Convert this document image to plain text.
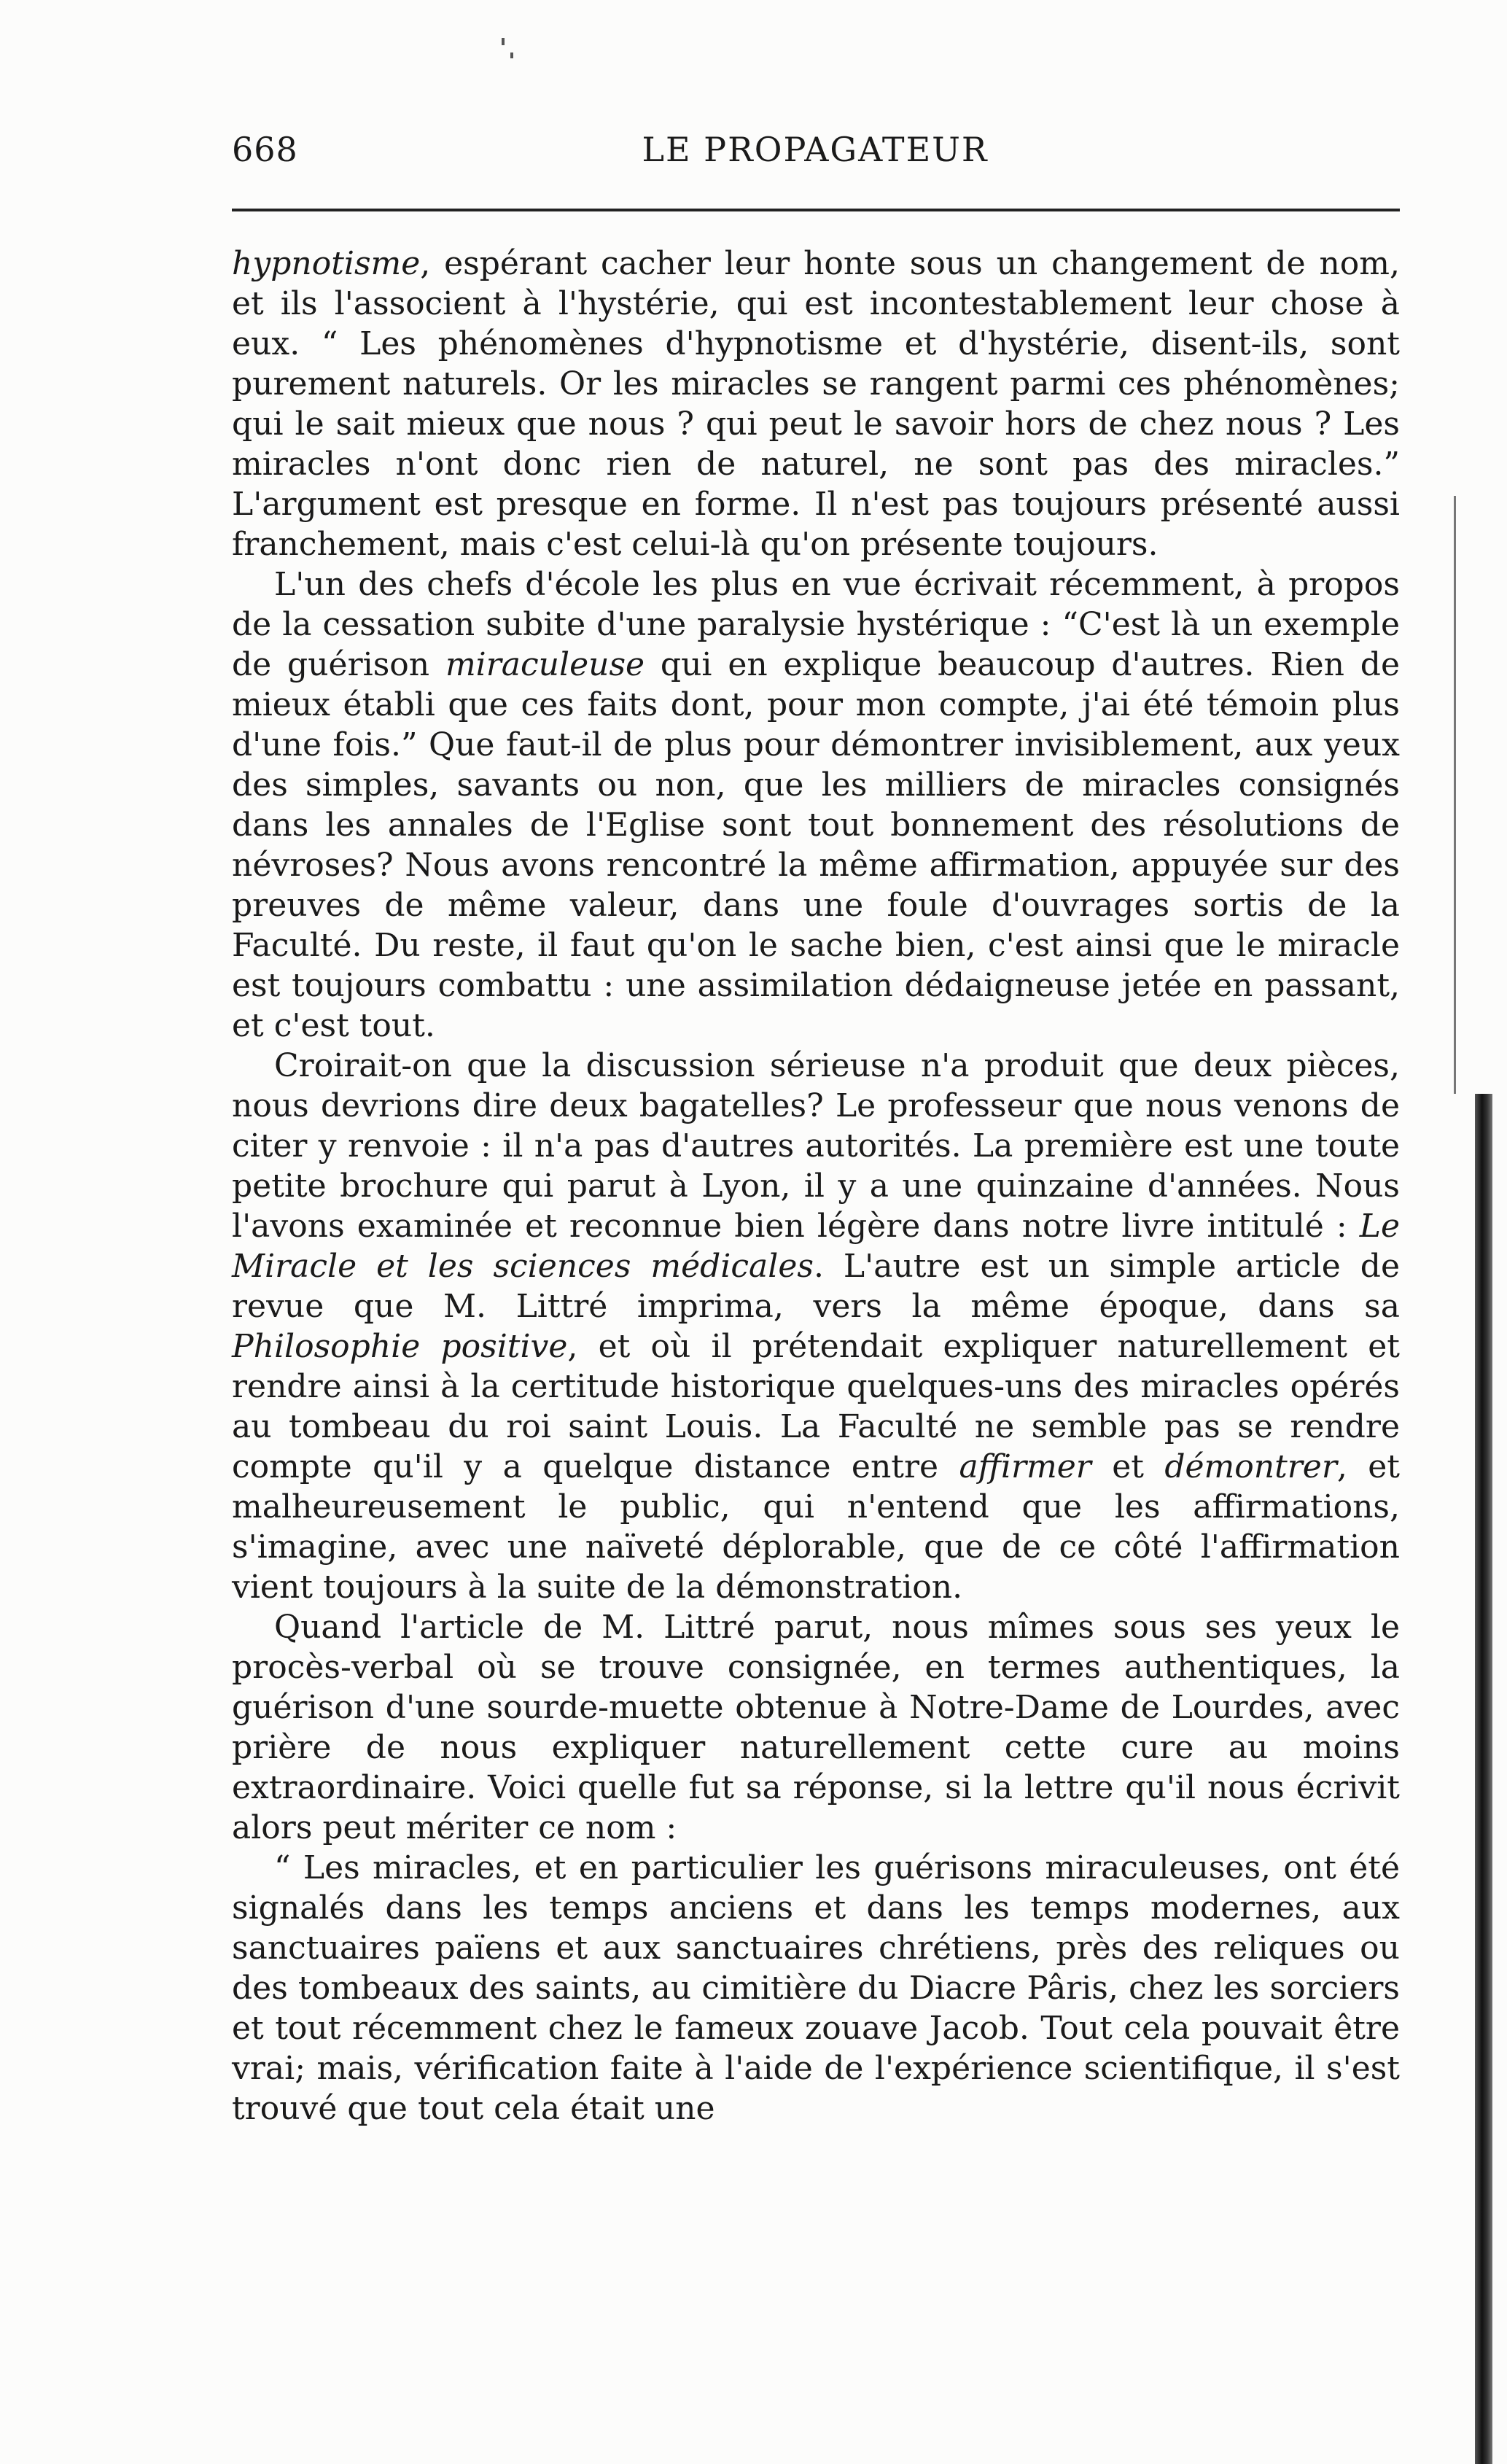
668	LE PROPAGATEUR

hypnotisme, espérant cacher leur honte sous un changement de nom, et ils l'associent à l'hystérie, qui est incontestablement leur chose à eux. “ Les phénomènes d'hypnotisme et d'hystérie, disent-ils, sont purement naturels. Or les miracles se rangent parmi ces phénomènes; qui le sait mieux que nous ? qui peut le savoir hors de chez nous ? Les miracles n'ont donc rien de naturel, ne sont pas des miracles.” L'argument est presque en forme. Il n'est pas toujours présenté aussi franchement, mais c'est celui-là qu'on présente toujours.

L'un des chefs d'école les plus en vue écrivait récemment, à propos de la cessation subite d'une paralysie hystérique : “C'est là un exemple de guérison miraculeuse qui en explique beaucoup d'autres. Rien de mieux établi que ces faits dont, pour mon compte, j'ai été témoin plus d'une fois.” Que faut-il de plus pour démontrer invisiblement, aux yeux des simples, savants ou non, que les milliers de miracles consignés dans les annales de l'Eglise sont tout bonnement des résolutions de névroses? Nous avons rencontré la même affirmation, appuyée sur des preuves de même valeur, dans une foule d'ouvrages sortis de la Faculté. Du reste, il faut qu'on le sache bien, c'est ainsi que le miracle est toujours combattu : une assimilation dédaigneuse jetée en passant, et c'est tout.

Croirait-on que la discussion sérieuse n'a produit que deux pièces, nous devrions dire deux bagatelles? Le professeur que nous venons de citer y renvoie : il n'a pas d'autres autorités. La première est une toute petite brochure qui parut à Lyon, il y a une quinzaine d'années. Nous l'avons examinée et reconnue bien légère dans notre livre intitulé : Le Miracle et les sciences médicales. L'autre est un simple article de revue que M. Littré imprima, vers la même époque, dans sa Philosophie positive, et où il prétendait expliquer naturellement et rendre ainsi à la certitude historique quelques-uns des miracles opérés au tombeau du roi saint Louis. La Faculté ne semble pas se rendre compte qu'il y a quelque distance entre affirmer et démontrer, et malheureusement le public, qui n'entend que les affirmations, s'imagine, avec une naïveté déplorable, que de ce côté l'affirmation vient toujours à la suite de la démonstration.

Quand l'article de M. Littré parut, nous mîmes sous ses yeux le procès-verbal où se trouve consignée, en termes authentiques, la guérison d'une sourde-muette obtenue à Notre-Dame de Lourdes, avec prière de nous expliquer naturellement cette cure au moins extraordinaire. Voici quelle fut sa réponse, si la lettre qu'il nous écrivit alors peut mériter ce nom :

“ Les miracles, et en particulier les guérisons miraculeuses, ont été signalés dans les temps anciens et dans les temps modernes, aux sanctuaires païens et aux sanctuaires chrétiens, près des reliques ou des tombeaux des saints, au cimitière du Diacre Pâris, chez les sorciers et tout récemment chez le fameux zouave Jacob. Tout cela pouvait être vrai; mais, vérification faite à l'aide de l'expérience scientifique, il s'est trouvé que tout cela était une
